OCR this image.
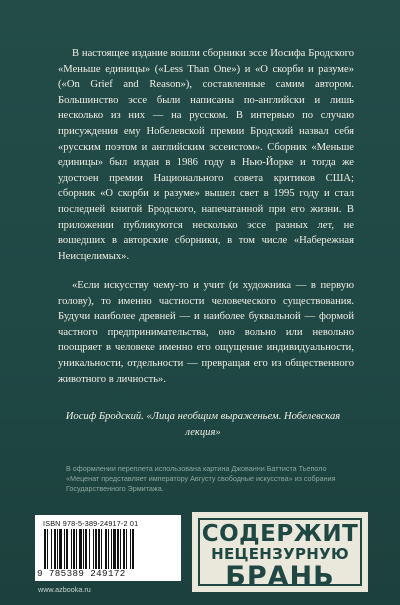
В настоящее издание вошли сборники эссе Иосифа Бродского «Меньше единицы» («Less Than One») и «О скорби и разуме» («On Grief and Reason»), составленные самим автором. Большинство эссе были написаны по-английски и лишь несколько из них — на русском. В интервью по случаю присуждения ему Нобелевской премии Бродский назвал себя «русским поэтом и английским эссеистом». Сборник «Меньше единицы» был издан в 1986 году в Нью-Йорке и тогда же удостоен премии Национального совета критиков США; сборник «О скорби и разуме» вышел свет в 1995 году и стал последней книгой Бродского, напечатанной при его жизни. В приложении публикуются несколько эссе разных лет, не вошедших в авторские сборники, в том числе «Набережная Неисцелимых».

«Если искусству чему-то и учит (и художника — в первую голову), то именно частности человеческого существования. Будучи наиболее древней — и наиболее буквальной — формой частного предпринимательства, оно вольно или невольно поощряет в человеке именно его ощущение индивидуальности, уникальности, отдельности — превращая его из общественного животного в личность».

Иосиф Бродский. «Лица необщим выраженьем. Нобелевская лекция»

В оформлении переплета использована картина Джованни Баттиста Тьеполо «Меценат представляет императору Августу свободные искусства» из собрания Государственного Эрмитажа.

ISBN 978-5-389-24917-2 01
9 785389 249172
www.azbooka.ru
СОДЕРЖИТ
НЕЦЕНЗУРНУЮ
БРАНЬ
